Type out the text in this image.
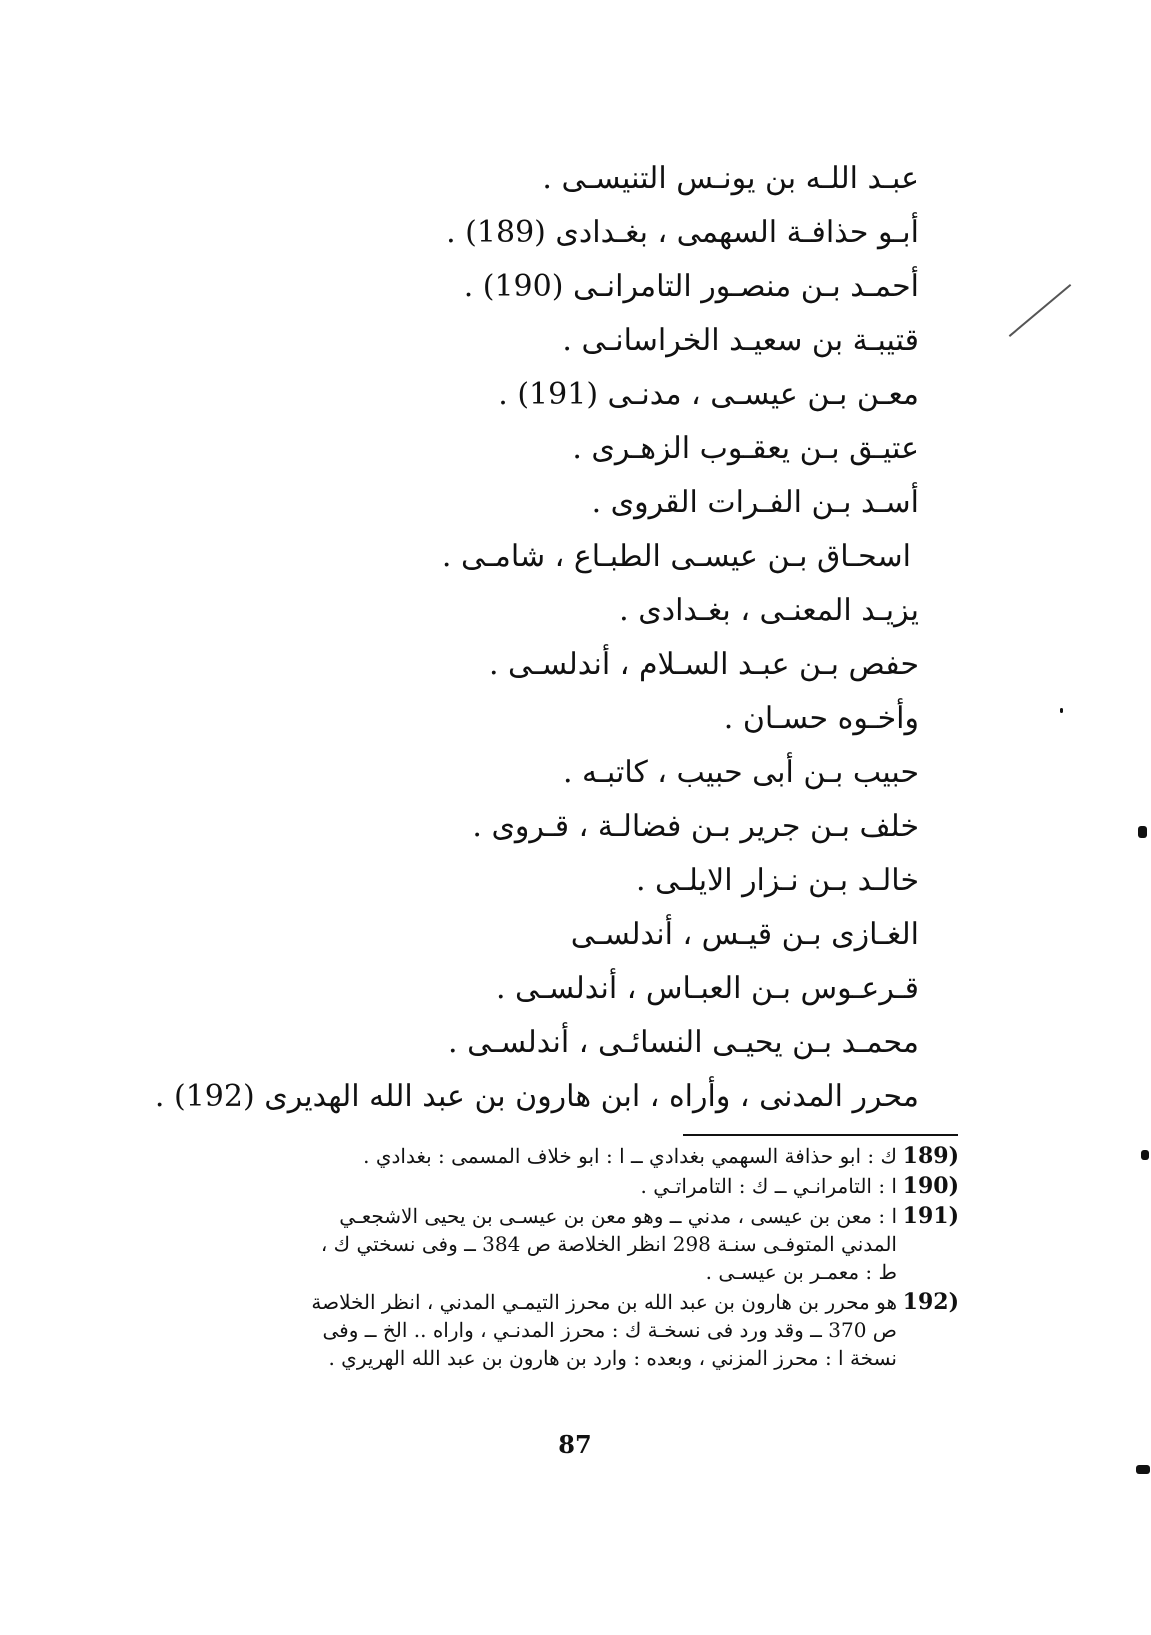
عبـد اللـه بن يونـس التنيسـى .
أبـو حذافـة السهمى ، بغـدادى (189) .
أحمـد بـن منصـور التامرانـى (190) .
قتيبـة بن سعيـد الخراسانـى .
معـن بـن عيسـى ، مدنـى (191) .
عتيـق بـن يعقـوب الزهـرى .
أسـد بـن الفـرات القروى .
اسحـاق بـن عيسـى الطبـاع ، شامـى .
يزيـد المعنـى ، بغـدادى .
حفص بـن عبـد السـلام ، أندلسـى .
وأخـوه حسـان .
حبيب بـن أبى حبيب ، كاتبـه .
خلف بـن جرير بـن فضالـة ، قـروى .
خالـد بـن نـزار الايلـى .
الغـازى بـن قيـس ، أندلسـى
قـرعـوس بـن العبـاس ، أندلسـى .
محمـد بـن يحيـى النسائـى ، أندلسـى .
محرر المدنى ، وأراه ، ابن هارون بن عبد الله الهديرى (192) .
(189
ك : ابو حذافة السهمي بغدادي ــ ا : ابو خلاف المسمى : بغدادي .
(190
ا : التامرانـي ــ ك : التامراتـي .
(191
ا : معن بن عيسى ، مدني ــ وهو معن بن عيسـى بن يحيى الاشجعـي
المدني المتوفـى سنـة 298 انظر الخلاصة ص 384 ــ وفى نسختي ك ،
ط : معمـر بن عيسـى .
(192
هو محرر بن هارون بن عبد الله بن محرز التيمـي المدني ، انظر الخلاصة
ص 370 ــ وقد ورد فى نسخـة ك : محرز المدنـي ، واراه .. الخ ــ وفى
نسخة ا : محرز المزني ، وبعده : وارد بن هارون بن عبد الله الهريري .
87
